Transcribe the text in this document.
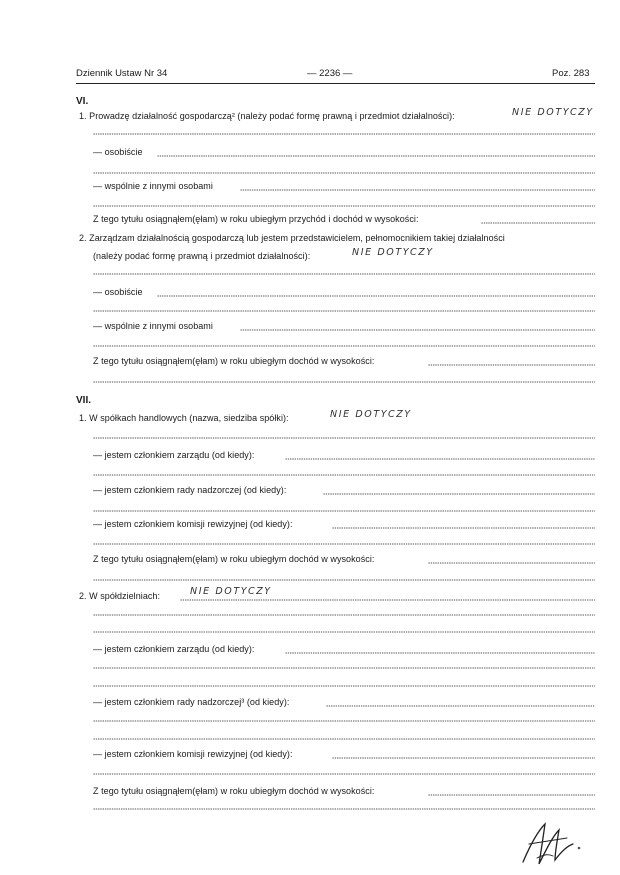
Dziennik Ustaw Nr 34	— 2236 —	Poz. 283
VI.
1. Prowadzę działalność gospodarczą² (należy podać formę prawną i przedmiot działalności):	NIE DOTYCZY
— osobiście
— wspólnie z innymi osobami
Z tego tytułu osiągnąłem(ęłam) w roku ubiegłym przychód i dochód w wysokości:
2. Zarządzam działalnością gospodarczą lub jestem przedstawicielem, pełnomocnikiem takiej działalności
(należy podać formę prawną i przedmiot działalności):	NIE DOTYCZY
— osobiście
— wspólnie z innymi osobami
Z tego tytułu osiągnąłem(ęłam) w roku ubiegłym dochód w wysokości:
VII.
1. W spółkach handlowych (nazwa, siedziba spółki):	NIE DOTYCZY
— jestem członkiem zarządu (od kiedy):
— jestem członkiem rady nadzorczej (od kiedy):
— jestem członkiem komisji rewizyjnej (od kiedy):
Z tego tytułu osiągnąłem(ęłam) w roku ubiegłym dochód w wysokości:
2. W spółdzielniach:	NIE DOTYCZY
— jestem członkiem zarządu (od kiedy):
— jestem członkiem rady nadzorczej³ (od kiedy):
— jestem członkiem komisji rewizyjnej (od kiedy):
Z tego tytułu osiągnąłem(ęłam) w roku ubiegłym dochód w wysokości:
